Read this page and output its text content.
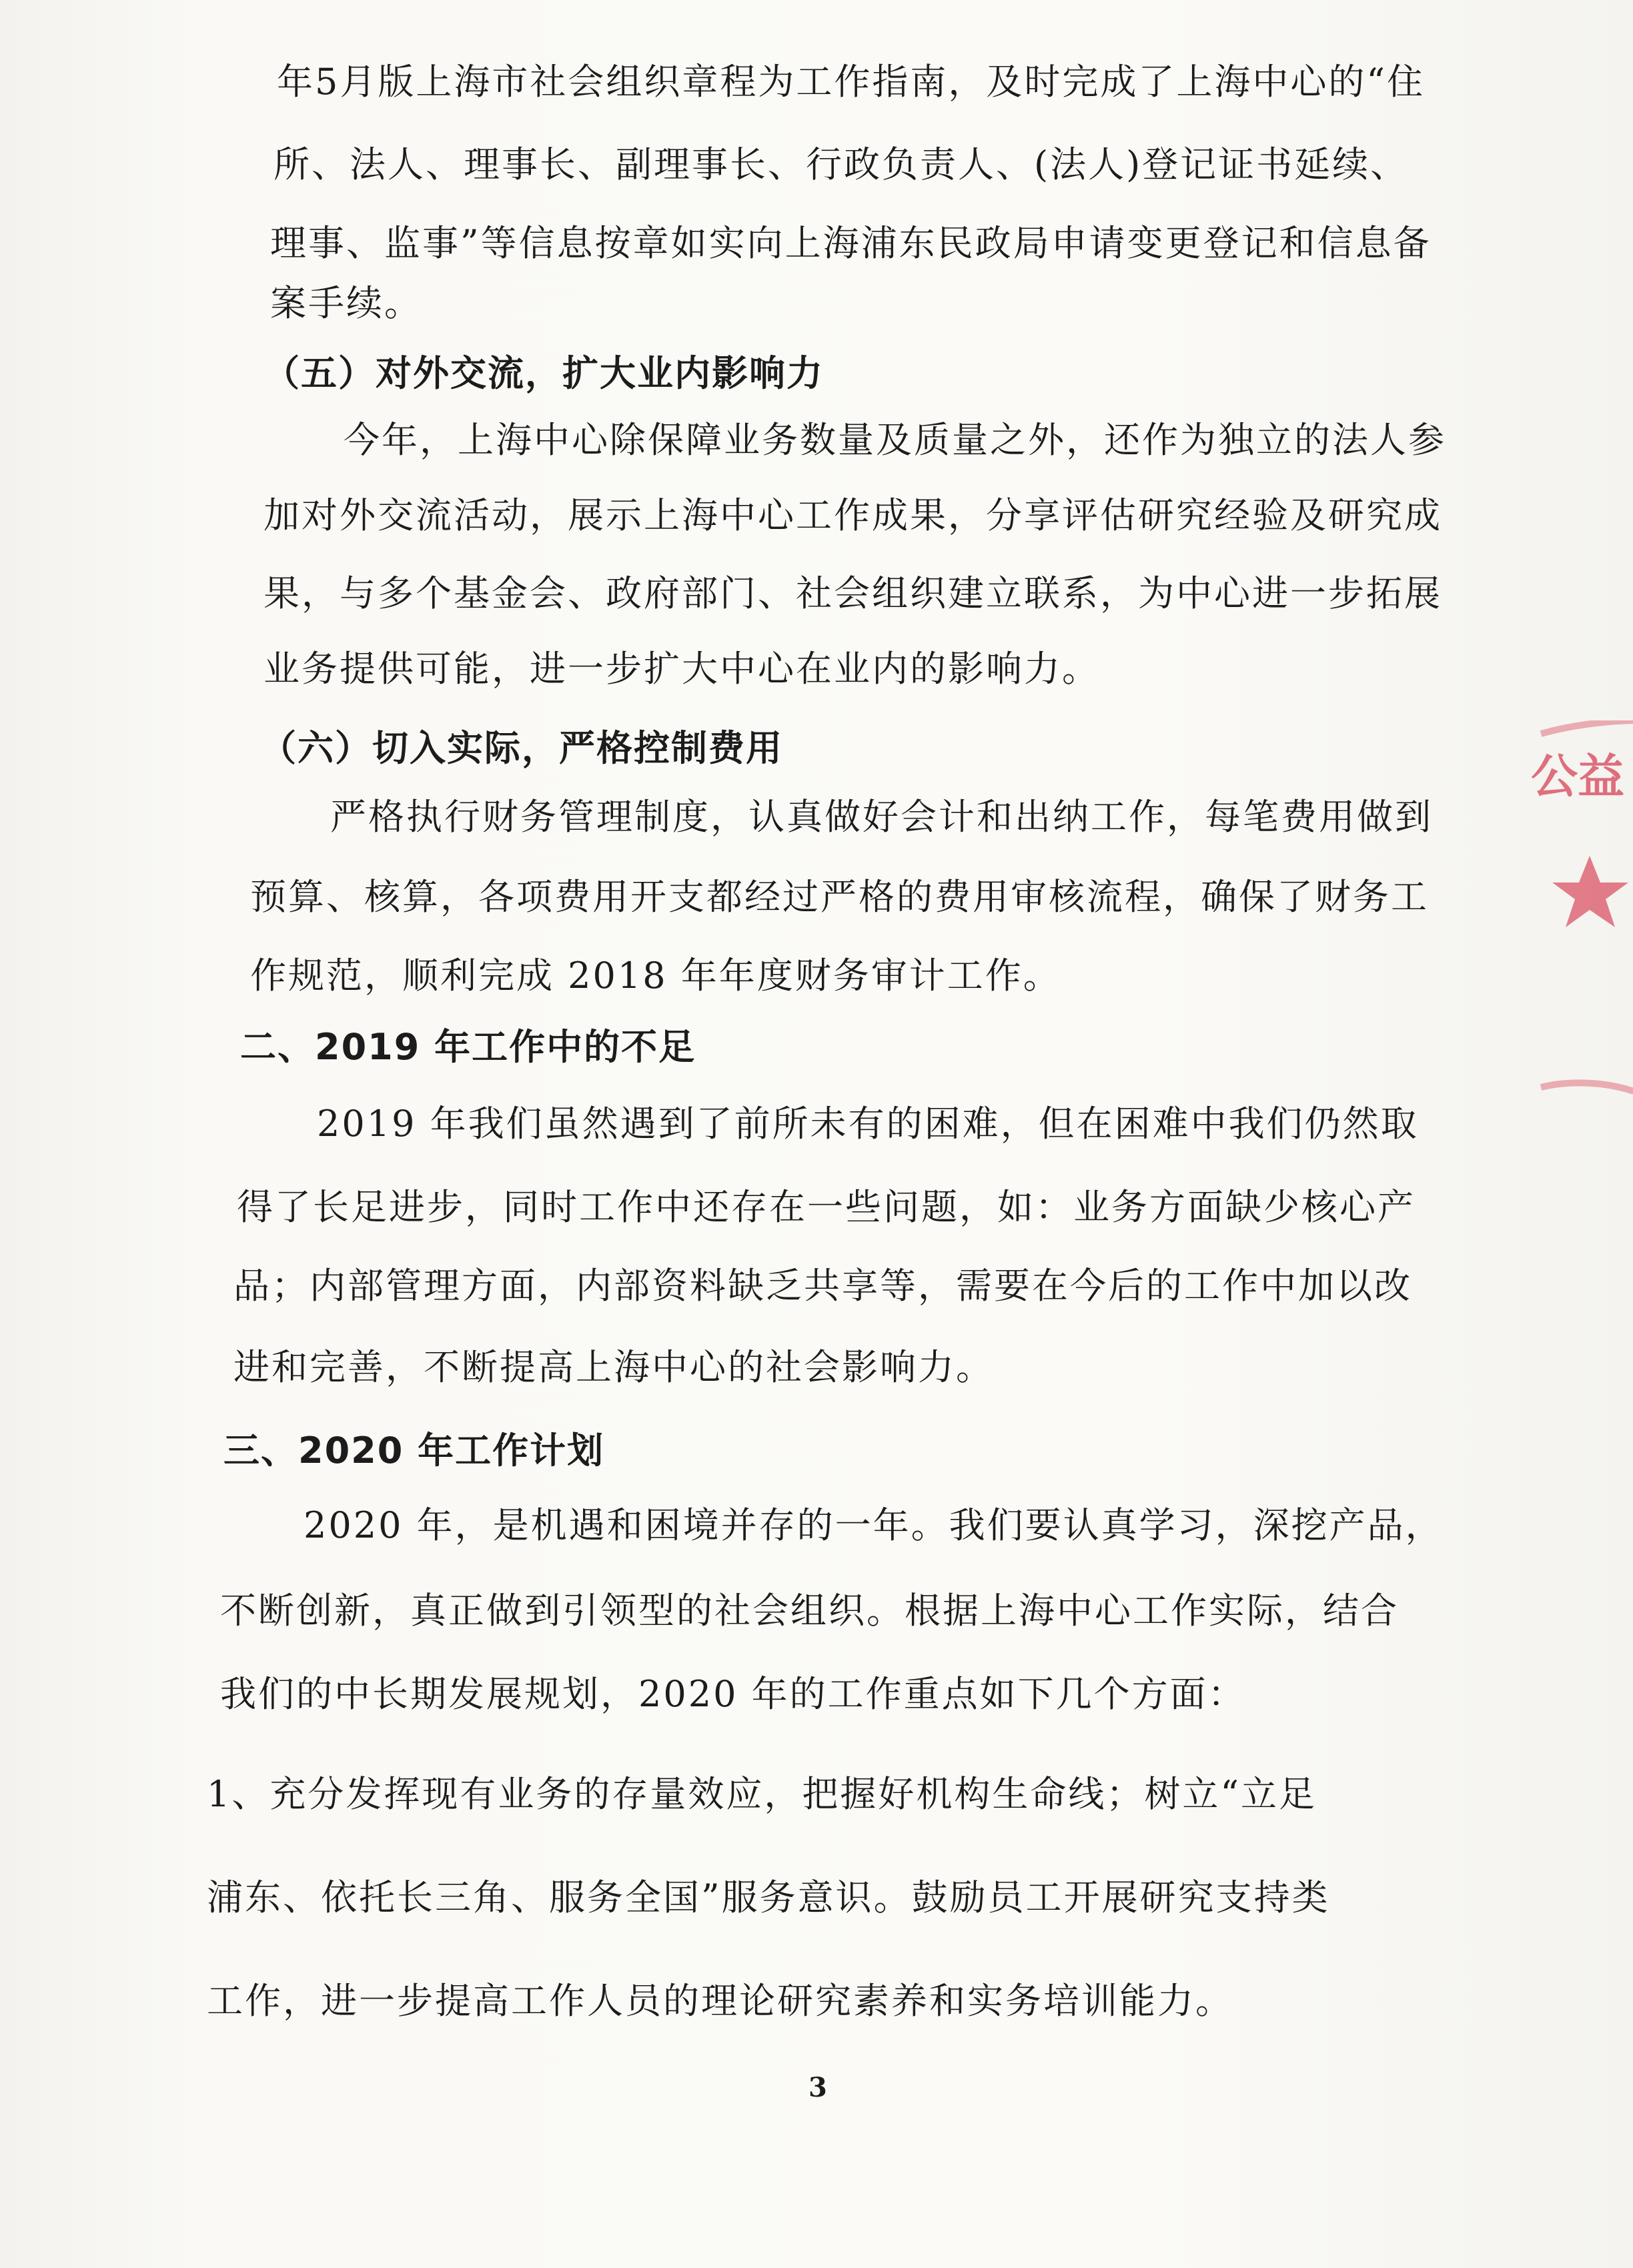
年5月版上海市社会组织章程为工作指南，及时完成了上海中心的“住
所、法人、理事长、副理事长、行政负责人、(法人)登记证书延续、
理事、监事”等信息按章如实向上海浦东民政局申请变更登记和信息备
案手续。
（五）对外交流，扩大业内影响力
今年，上海中心除保障业务数量及质量之外，还作为独立的法人参
加对外交流活动，展示上海中心工作成果，分享评估研究经验及研究成
果，与多个基金会、政府部门、社会组织建立联系，为中心进一步拓展
业务提供可能，进一步扩大中心在业内的影响力。
（六）切入实际，严格控制费用
严格执行财务管理制度，认真做好会计和出纳工作，每笔费用做到
预算、核算，各项费用开支都经过严格的费用审核流程，确保了财务工
作规范，顺利完成 2018 年年度财务审计工作。
二、2019 年工作中的不足
2019 年我们虽然遇到了前所未有的困难，但在困难中我们仍然取
得了长足进步，同时工作中还存在一些问题，如：业务方面缺少核心产
品；内部管理方面，内部资料缺乏共享等，需要在今后的工作中加以改
进和完善，不断提高上海中心的社会影响力。
三、2020 年工作计划
2020 年，是机遇和困境并存的一年。我们要认真学习，深挖产品，
不断创新，真正做到引领型的社会组织。根据上海中心工作实际，结合
我们的中长期发展规划，2020 年的工作重点如下几个方面：
1、充分发挥现有业务的存量效应，把握好机构生命线；树立“立足
浦东、依托长三角、服务全国”服务意识。鼓励员工开展研究支持类
工作，进一步提高工作人员的理论研究素养和实务培训能力。
3
公益
